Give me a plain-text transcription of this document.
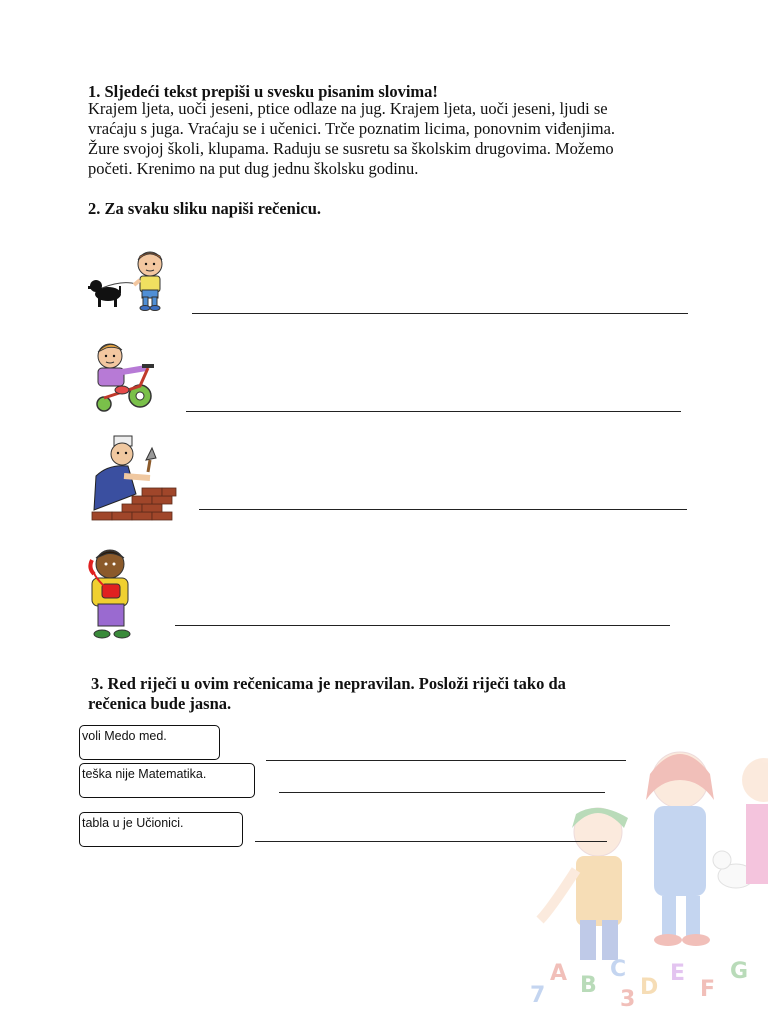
1. Sljedeći tekst prepiši u svesku pisanim slovima!

Krajem ljeta, uoči jeseni, ptice odlaze na jug. Krajem ljeta, uoči jeseni, ljudi se

vraćaju s juga. Vraćaju se i učenici. Trče poznatim licima, ponovnim viđenjima.

Žure svojoj školi, klupama. Raduju se susretu sa školskim drugovima. Možemo

početi. Krenimo na put dug jednu školsku godinu.

2. Za svaku sliku napiši rečenicu.
3. Red riječi u ovim rečenicama je nepravilan. Posloži riječi tako da
rečenica bude jasna.
A B
C
D
E
F
G
7	3
voli Medo med.
teška nije Matematika.
tabla u je Učionici.
